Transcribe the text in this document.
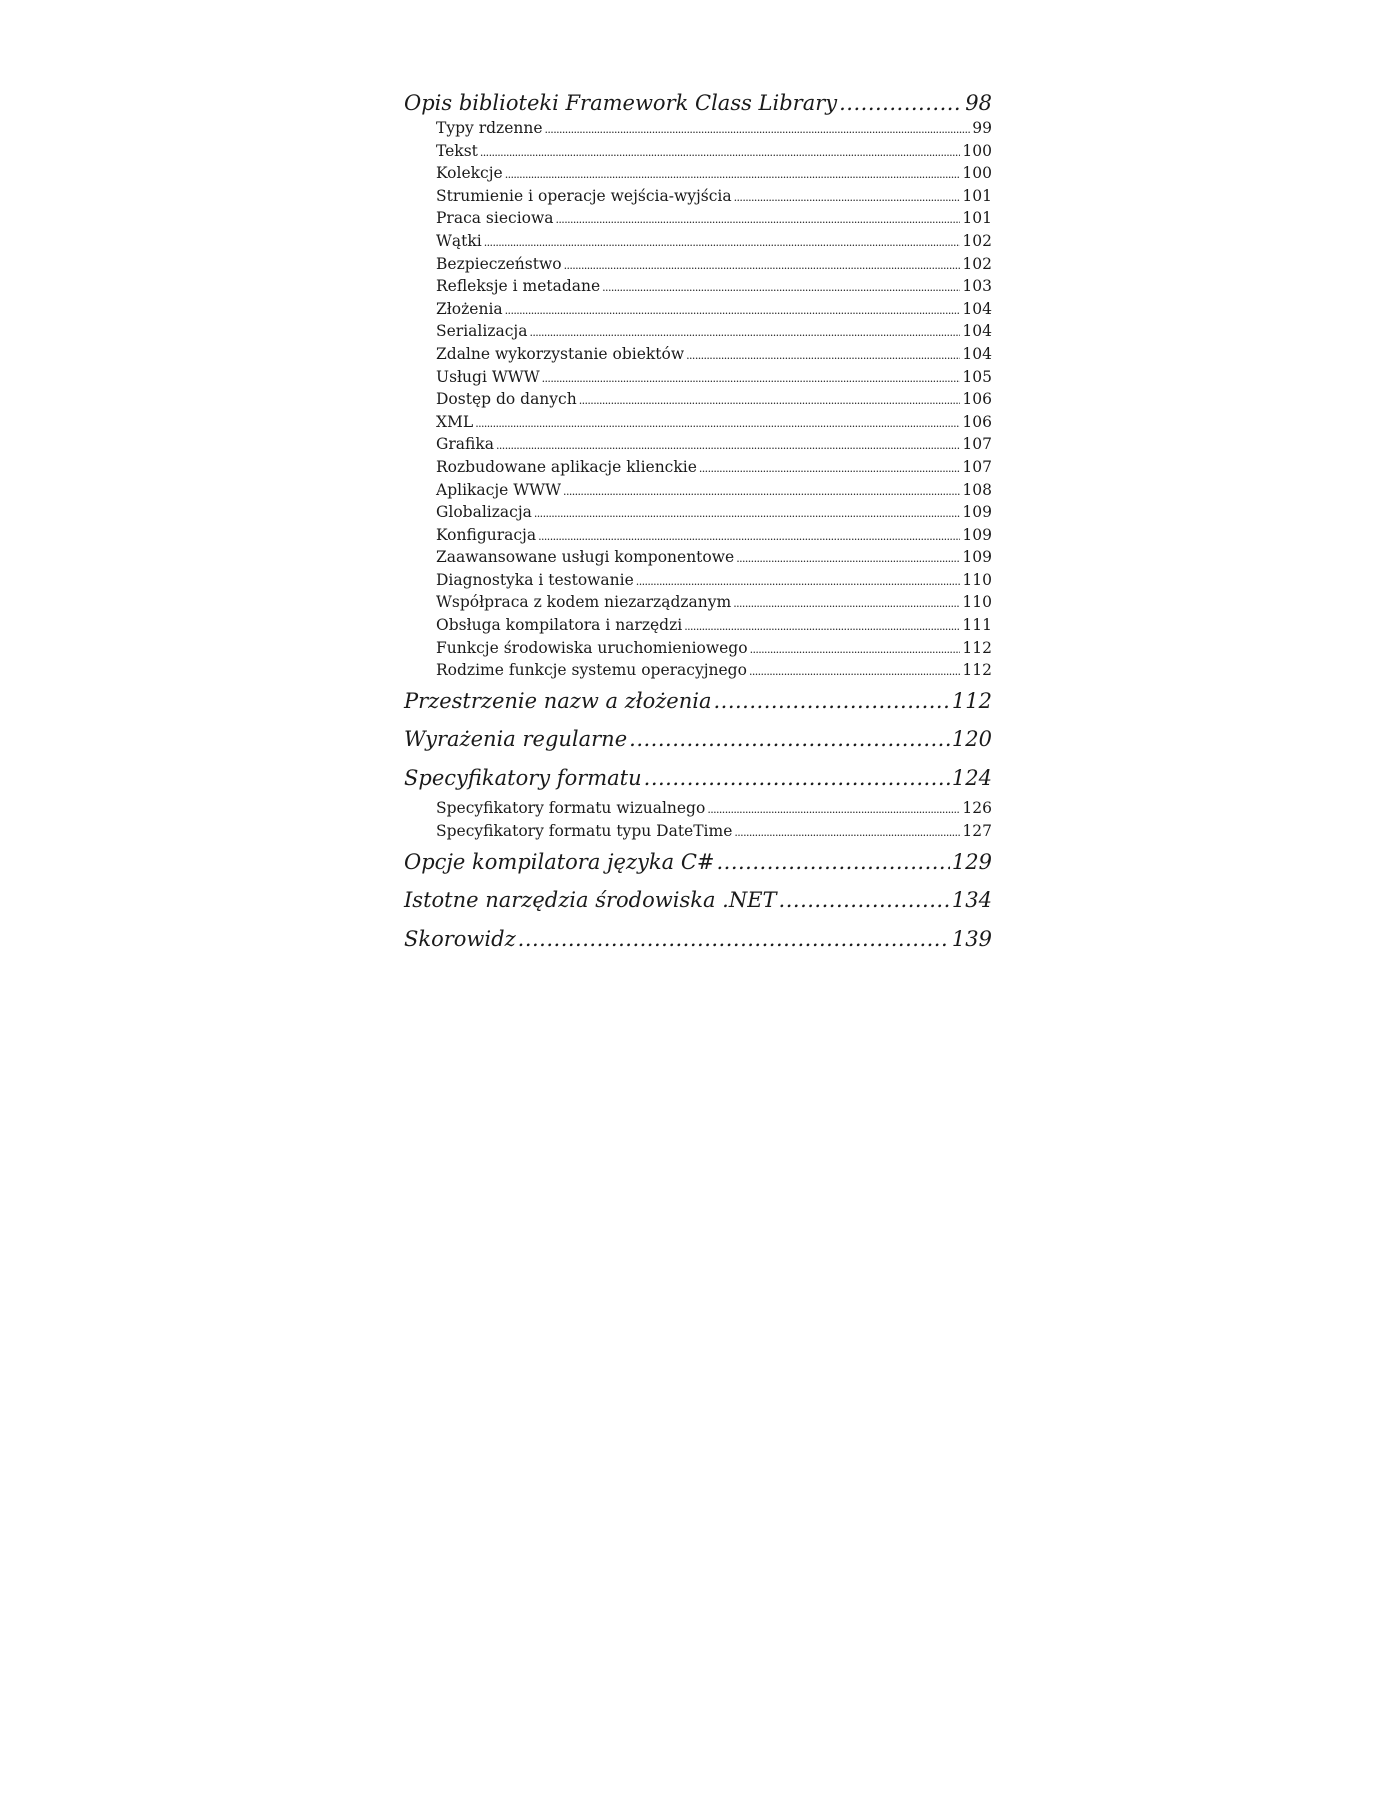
Opis biblioteki Framework Class Library .....	98
Typy rdzenne .....	99
Tekst .....	100
Kolekcje .....	100
Strumienie i operacje wejścia-wyjścia .....	101
Praca sieciowa .....	101
Wątki .....	102
Bezpieczeństwo .....	102
Refleksje i metadane .....	103
Złożenia .....	104
Serializacja .....	104
Zdalne wykorzystanie obiektów .....	104
Usługi WWW .....	105
Dostęp do danych .....	106
XML .....	106
Grafika .....	107
Rozbudowane aplikacje klienckie .....	107
Aplikacje WWW .....	108
Globalizacja .....	109
Konfiguracja .....	109
Zaawansowane usługi komponentowe .....	109
Diagnostyka i testowanie .....	110
Współpraca z kodem niezarządzanym .....	110
Obsługa kompilatora i narzędzi .....	111
Funkcje środowiska uruchomieniowego .....	112
Rodzime funkcje systemu operacyjnego .....	112
Przestrzenie nazw a złożenia .....	112
Wyrażenia regularne .....	120
Specyfikatory formatu .....	124
Specyfikatory formatu wizualnego .....	126
Specyfikatory formatu typu DateTime .....	127
Opcje kompilatora języka C# .....	129
Istotne narzędzia środowiska .NET .....	134
Skorowidz .....	139
